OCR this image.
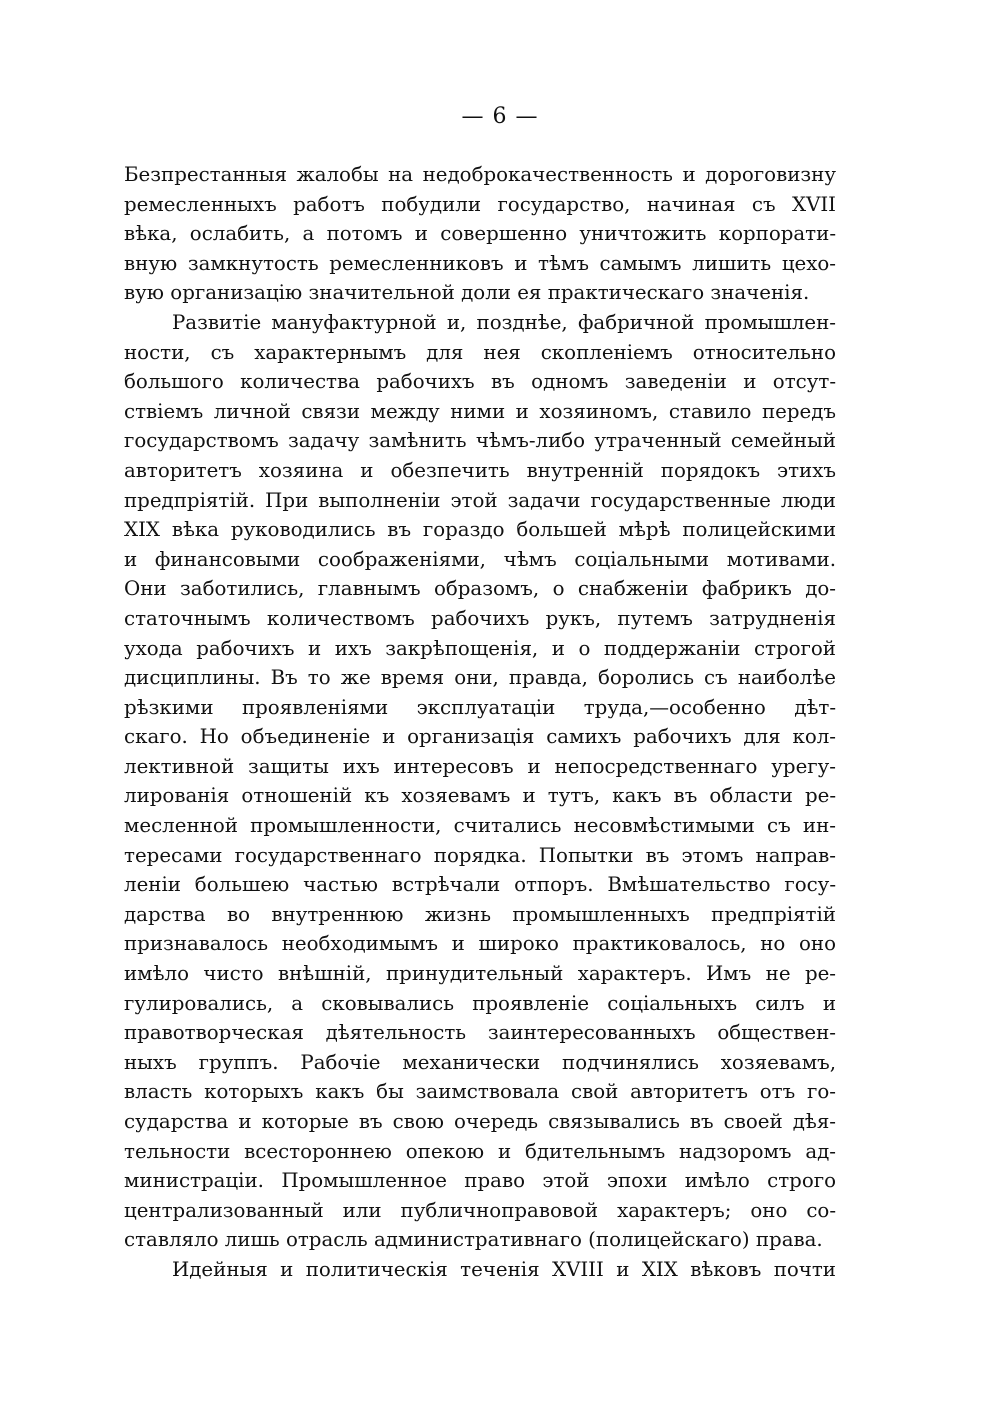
— 6 —
Безпрестанныя жалобы на недоброкачественность и дороговизну
ремесленныхъ работъ побудили государство, начиная съ XVII
вѣка, ослабить, а потомъ и совершенно уничтожить корпорати-
вную замкнутость ремесленниковъ и тѣмъ самымъ лишить цехо-
вую организацію значительной доли ея практическаго значенія.
Развитіе мануфактурной и, позднѣе, фабричной промышлен-
ности, съ характернымъ для нея скопленіемъ относительно
большого количества рабочихъ въ одномъ заведеніи и отсут-
ствіемъ личной связи между ними и хозяиномъ, ставило передъ
государствомъ задачу замѣнить чѣмъ-либо утраченный семейный
авторитетъ хозяина и обезпечить внутренній порядокъ этихъ
предпріятій. При выполненіи этой задачи государственные люди
XIX вѣка руководились въ гораздо большей мѣрѣ полицейскими
и финансовыми соображеніями, чѣмъ соціальными мотивами.
Они заботились, главнымъ образомъ, о снабженіи фабрикъ до-
статочнымъ количествомъ рабочихъ рукъ, путемъ затрудненія
ухода рабочихъ и ихъ закрѣпощенія, и о поддержаніи строгой
дисциплины. Въ то же время они, правда, боролись съ наиболѣе
рѣзкими проявленіями эксплуатаціи труда,—особенно дѣт-
скаго. Но объединеніе и организація самихъ рабочихъ для кол-
лективной защиты ихъ интересовъ и непосредственнаго урегу-
лированія отношеній къ хозяевамъ и тутъ, какъ въ области ре-
месленной промышленности, считались несовмѣстимыми съ ин-
тересами государственнаго порядка. Попытки въ этомъ направ-
леніи большею частью встрѣчали отпоръ. Вмѣшательство госу-
дарства во внутреннюю жизнь промышленныхъ предпріятій
признавалось необходимымъ и широко практиковалось, но оно
имѣло чисто внѣшній, принудительный характеръ. Имъ не ре-
гулировались, а сковывались проявленіе соціальныхъ силъ и
правотворческая дѣятельность заинтересованныхъ обществен-
ныхъ группъ. Рабочіе механически подчинялись хозяевамъ,
власть которыхъ какъ бы заимствовала свой авторитетъ отъ го-
сударства и которые въ свою очередь связывались въ своей дѣя-
тельности всестороннею опекою и бдительнымъ надзоромъ ад-
министраціи. Промышленное право этой эпохи имѣло строго
централизованный или публичноправовой характеръ; оно со-
ставляло лишь отрасль административнаго (полицейскаго) права.
Идейныя и политическія теченія XVIII и XIX вѣковъ почти
